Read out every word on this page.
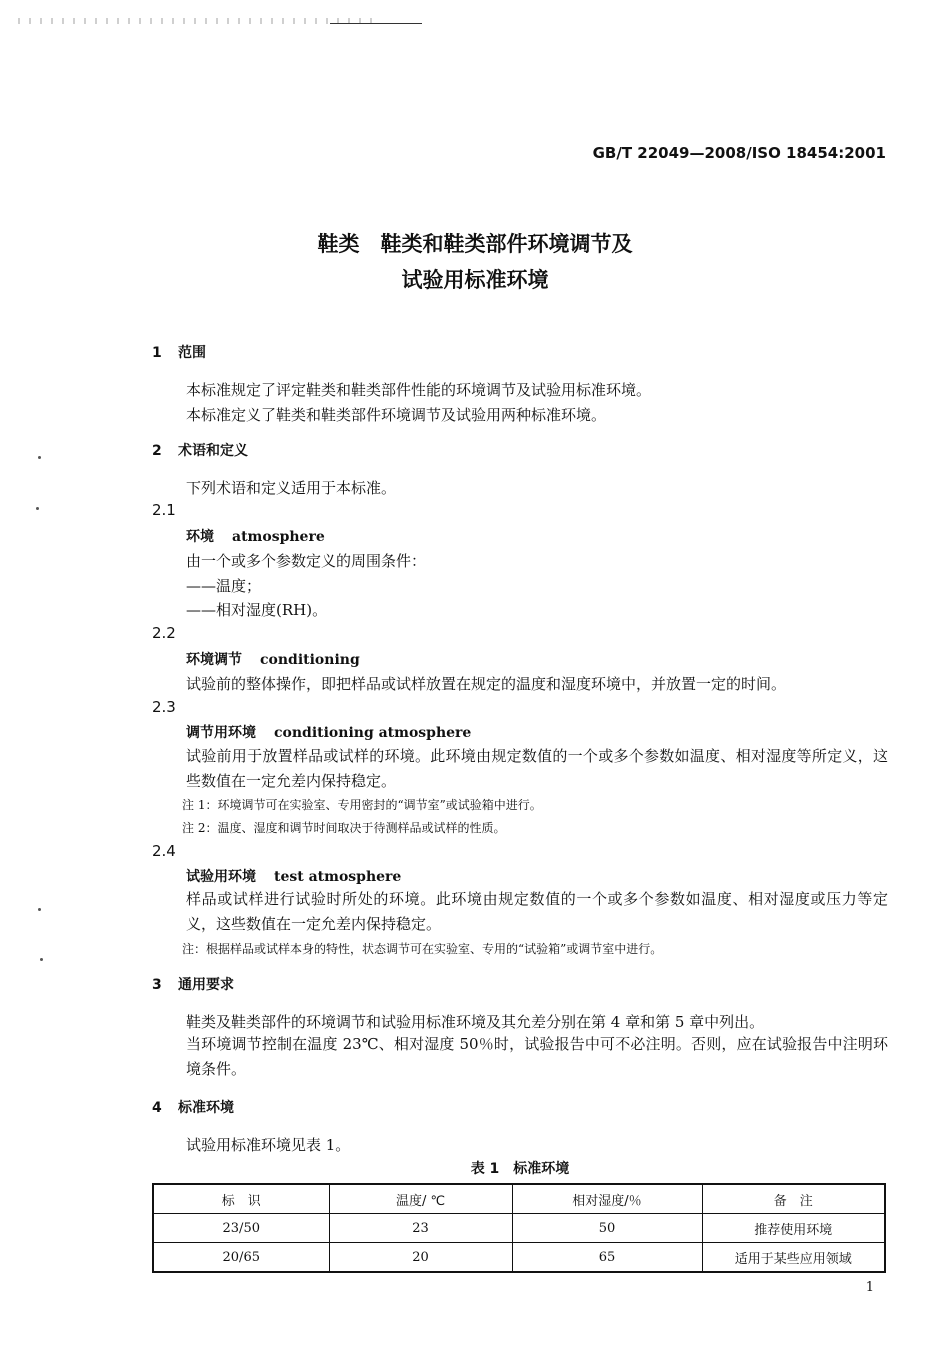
GB/T 22049—2008/ISO 18454:2001
鞋类　鞋类和鞋类部件环境调节及
试验用标准环境
1 范围
本标准规定了评定鞋类和鞋类部件性能的环境调节及试验用标准环境。
本标准定义了鞋类和鞋类部件环境调节及试验用两种标准环境。
2 术语和定义
下列术语和定义适用于本标准。
2.1
环境 atmosphere
由一个或多个参数定义的周围条件：
——温度；
——相对湿度(RH)。
2.2
环境调节 conditioning
试验前的整体操作，即把样品或试样放置在规定的温度和湿度环境中，并放置一定的时间。
2.3
调节用环境 conditioning atmosphere
试验前用于放置样品或试样的环境。此环境由规定数值的一个或多个参数如温度、相对湿度等所定义，这些数值在一定允差内保持稳定。
注 1：环境调节可在实验室、专用密封的“调节室”或试验箱中进行。
注 2：温度、湿度和调节时间取决于待测样品或试样的性质。
2.4
试验用环境 test atmosphere
样品或试样进行试验时所处的环境。此环境由规定数值的一个或多个参数如温度、相对湿度或压力等定义，这些数值在一定允差内保持稳定。
注：根据样品或试样本身的特性，状态调节可在实验室、专用的“试验箱”或调节室中进行。
3 通用要求
鞋类及鞋类部件的环境调节和试验用标准环境及其允差分别在第 4 章和第 5 章中列出。
当环境调节控制在温度 23℃、相对湿度 50％时，试验报告中可不必注明。否则，应在试验报告中注明环境条件。
4 标准环境
试验用标准环境见表 1。
表 1　标准环境
标　识	温度/ ℃	相对湿度/％	备　注
23/50	23	50	推荐使用环境
20/65	20	65	适用于某些应用领域
1
